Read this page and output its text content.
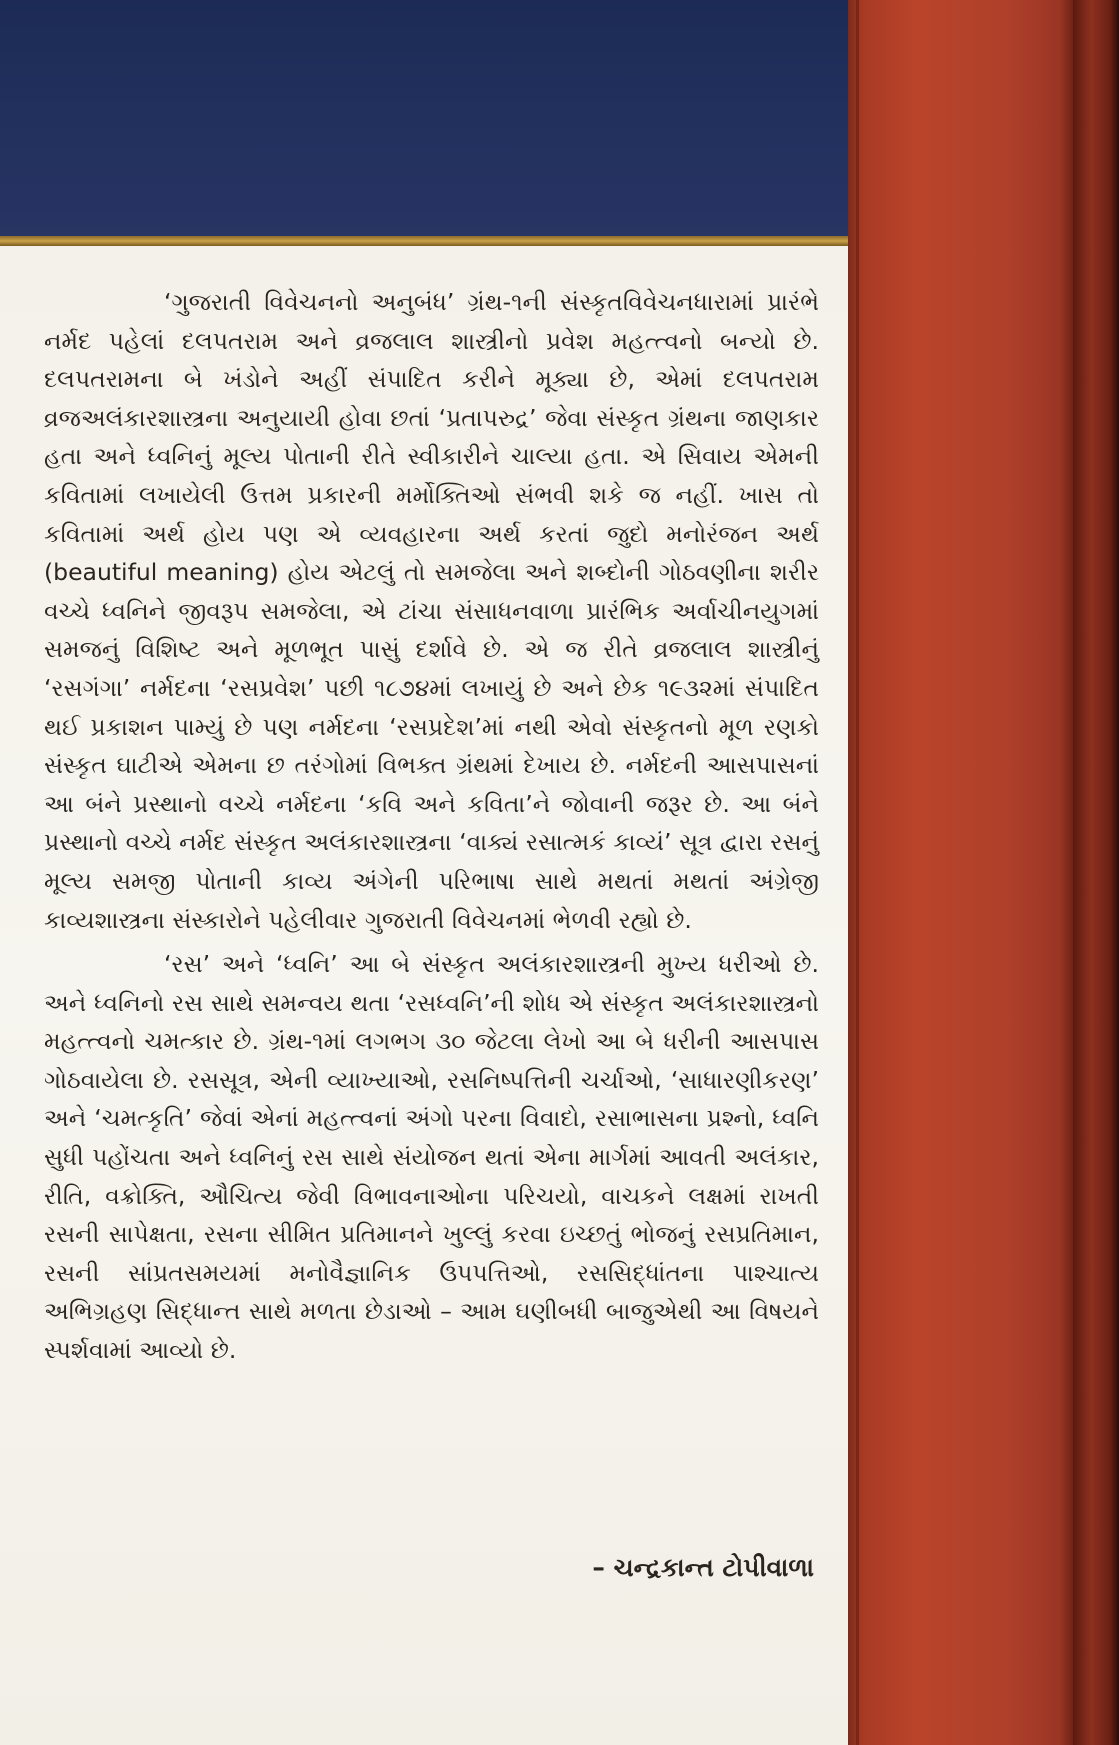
‘ગુજરાતી વિવેચનનો અનુબંધ’ ગ્રંથ-૧ની સંસ્કૃતવિવેચનધારામાં પ્રારંભે નર્મદ પહેલાં દલપતરામ અને વ્રજલાલ શાસ્ત્રીનો પ્રવેશ મહત્ત્વનો બન્યો છે. દલપતરામના બે ખંડોને અહીં સંપાદિત કરીને મૂક્યા છે, એમાં દલપતરામ વ્રજઅલંકારશાસ્ત્રના અનુયાયી હોવા છતાં ‘પ્રતાપરુદ્ર’ જેવા સંસ્કૃત ગ્રંથના જાણકાર હતા અને ધ્વનિનું મૂલ્ય પોતાની રીતે સ્વીકારીને ચાલ્યા હતા. એ સિવાય એમની કવિતામાં લખાયેલી ઉત્તમ પ્રકારની મર્મોક્તિઓ સંભવી શકે જ નહીં. ખાસ તો કવિતામાં અર્થ હોય પણ એ વ્યવહારના અર્થ કરતાં જુદો મનોરંજન અર્થ (beautiful meaning) હોય એટલું તો સમજેલા અને શબ્દોની ગોઠવણીના શરીર વચ્ચે ધ્વનિને જીવરૂપ સમજેલા, એ ટાંચા સંસાધનવાળા પ્રારંભિક અર્વાચીનયુગમાં સમજનું વિશિષ્ટ અને મૂળભૂત પાસું દર્શાવે છે. એ જ રીતે વ્રજલાલ શાસ્ત્રીનું ‘રસગંગા’ નર્મદના ‘રસપ્રવેશ’ પછી ૧૮૭૪માં લખાયું છે અને છેક ૧૯૩૨માં સંપાદિત થઈ પ્રકાશન પામ્યું છે પણ નર્મદના ‘રસપ્રદેશ’માં નથી એવો સંસ્કૃતનો મૂળ રણકો સંસ્કૃત ઘાટીએ એમના છ તરંગોમાં વિભક્ત ગ્રંથમાં દેખાય છે. નર્મદની આસપાસનાં આ બંને પ્રસ્થાનો વચ્ચે નર્મદના ‘કવિ અને કવિતા’ને જોવાની જરૂર છે. આ બંને પ્રસ્થાનો વચ્ચે નર્મદ સંસ્કૃત અલંકારશાસ્ત્રના ‘વાક્યં રસાત્મકં કાવ્યં’ સૂત્ર દ્વારા રસનું મૂલ્ય સમજી પોતાની કાવ્ય અંગેની પરિભાષા સાથે મથતાં મથતાં અંગ્રેજી કાવ્યશાસ્ત્રના સંસ્કારોને પહેલીવાર ગુજરાતી વિવેચનમાં ભેળવી રહ્યો છે.

‘રસ’ અને ‘ધ્વનિ’ આ બે સંસ્કૃત અલંકારશાસ્ત્રની મુખ્ય ધરીઓ છે. અને ધ્વનિનો રસ સાથે સમન્વય થતા ‘રસધ્વનિ’ની શોધ એ સંસ્કૃત અલંકારશાસ્ત્રનો મહત્ત્વનો ચમત્કાર છે. ગ્રંથ-૧માં લગભગ ૩૦ જેટલા લેખો આ બે ધરીની આસપાસ ગોઠવાયેલા છે. રસસૂત્ર, એની વ્યાખ્યાઓ, રસનિષ્પત્તિની ચર્ચાઓ, ‘સાધારણીકરણ’ અને ‘ચમત્કૃતિ’ જેવાં એનાં મહત્ત્વનાં અંગો પરના વિવાદો, રસાભાસના પ્રશ્નો, ધ્વનિ સુધી પહોંચતા અને ધ્વનિનું રસ સાથે સંયોજન થતાં એના માર્ગમાં આવતી અલંકાર, રીતિ, વક્રોક્તિ, ઔચિત્ય જેવી વિભાવનાઓના પરિચયો, વાચકને લક્ષમાં રાખતી રસની સાપેક્ષતા, રસના સીમિત પ્રતિમાનને ખુલ્લું કરવા ઇચ્છતું ભોજનું રસપ્રતિમાન, રસની સાંપ્રતસમયમાં મનોવૈજ્ઞાનિક ઉપપત્તિઓ, રસસિદ્ધાંતના પાશ્ચાત્ય અભિગ્રહણ સિદ્ધાન્ત સાથે મળતા છેડાઓ – આમ ઘણીબધી બાજુએથી આ વિષયને સ્પર્શવામાં આવ્યો છે.

– ચન્દ્રકાન્ત ટોપીવાળા
